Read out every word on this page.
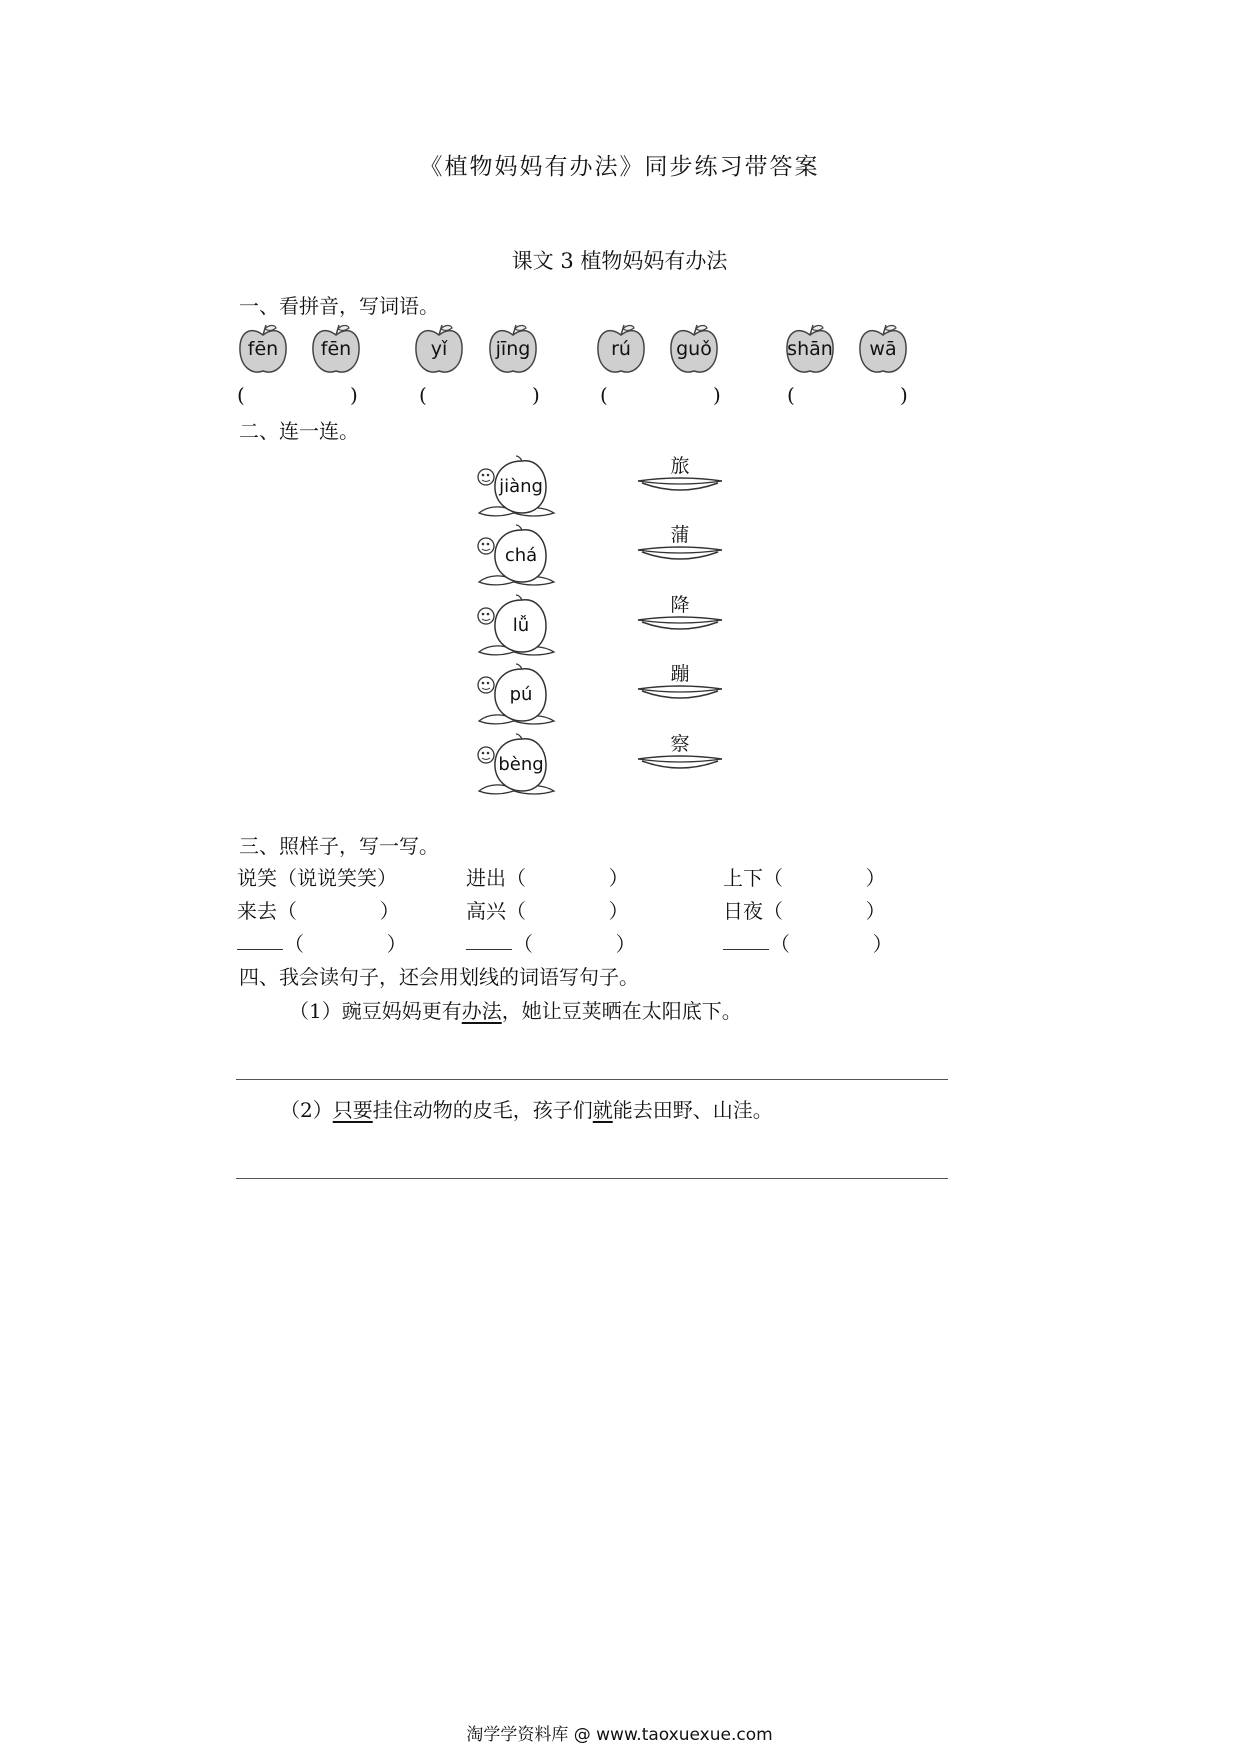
《植物妈妈有办法》同步练习带答案
课文 3 植物妈妈有办法
一、看拼音，写词语。
fēn	fēn	yǐ	jīng	rú	guǒ	shān	wā
(	)	(	)	(	)	(	)
二、连一连。
jiàng
旅
chá
蒲
lǚ
降
pú
蹦
bèng
察
三、照样子，写一写。
说笑（说说笑笑）	进出（             ）	上下（             ）
来去（             ）	高兴（             ）	日夜（             ）
（             ）	（             ）	（             ）
四、我会读句子，还会用划线的词语写句子。
（1）豌豆妈妈更有办法，她让豆荚晒在太阳底下。
（2）只要挂住动物的皮毛，孩子们就能去田野、山洼。
淘学学资料库 @ www.taoxuexue.com
